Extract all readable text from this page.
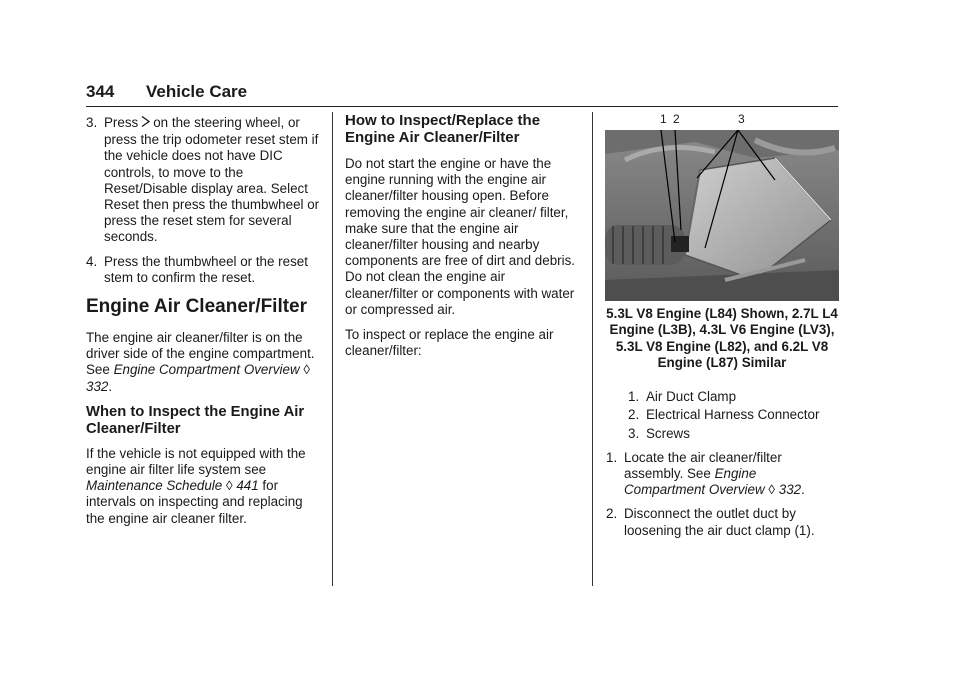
344 Vehicle Care
3. Press on the steering wheel, or press the trip odometer reset stem if the vehicle does not have DIC controls, to move to the Reset/Disable display area. Select Reset then press the thumbwheel or press the reset stem for several seconds.
4. Press the thumbwheel or the reset stem to confirm the reset.
Engine Air Cleaner/Filter

The engine air cleaner/filter is on the driver side of the engine compartment. See Engine Compartment Overview ◊ 332.

When to Inspect the Engine Air Cleaner/Filter

If the vehicle is not equipped with the engine air filter life system see Maintenance Schedule ◊ 441 for intervals on inspecting and replacing the engine air cleaner filter.

How to Inspect/Replace the Engine Air Cleaner/Filter

Do not start the engine or have the engine running with the engine air cleaner/filter housing open. Before removing the engine air cleaner/ filter, make sure that the engine air cleaner/filter housing and nearby components are free of dirt and debris. Do not clean the engine air cleaner/filter or components with water or compressed air.

To inspect or replace the engine air cleaner/filter:

1 2	3

5.3L V8 Engine (L84) Shown, 2.7L L4 Engine (L3B), 4.3L V6 Engine (LV3), 5.3L V8 Engine (L82), and 6.2L V8 Engine (L87) Similar

1. Air Duct Clamp
2. Electrical Harness Connector
3. Screws
1. Locate the air cleaner/filter assembly. See Engine Compartment Overview ◊ 332.
2. Disconnect the outlet duct by loosening the air duct clamp (1).
